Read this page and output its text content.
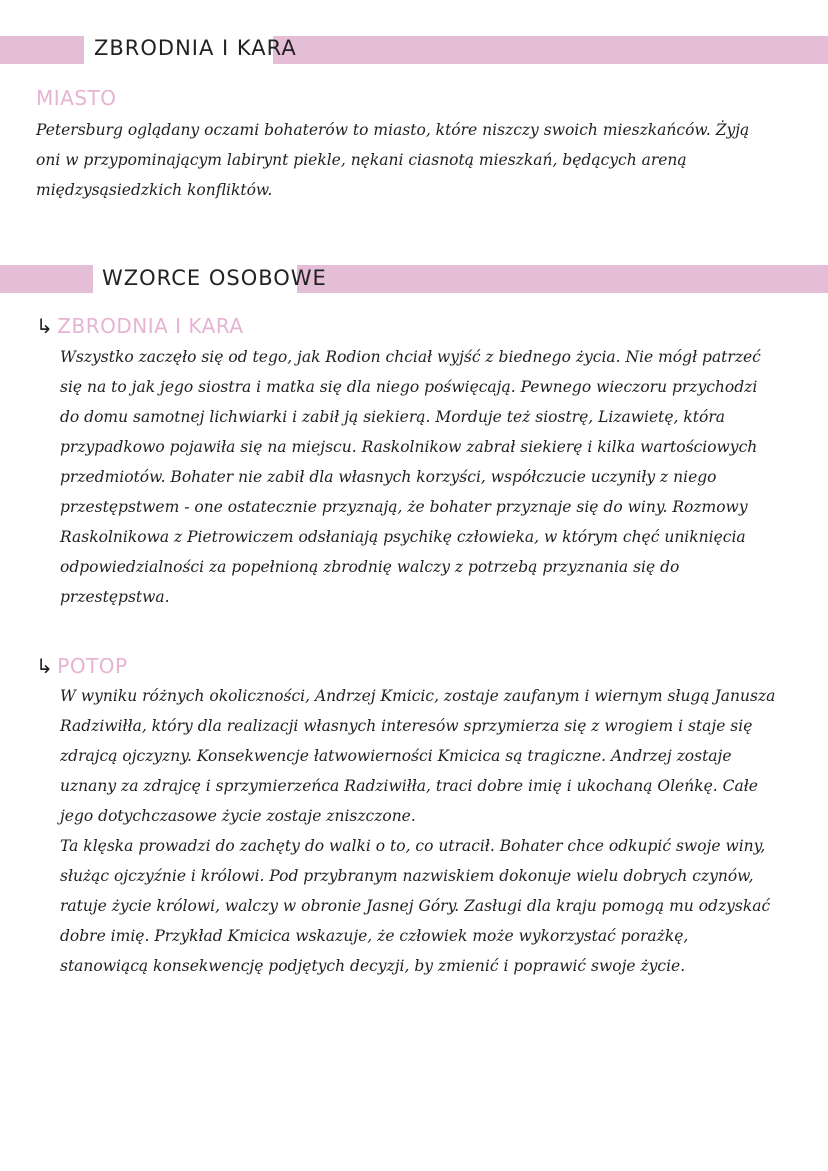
ZBRODNIA I KARA
MIASTO

Petersburg oglądany oczami bohaterów to miasto, które niszczy swoich mieszkańców. Żyją oni w przypominającym labirynt piekle, nękani ciasnotą mieszkań, będących areną międzysąsiedzkich konfliktów.

WZORCE OSOBOWE
↳ ZBRODNIA I KARA

Wszystko zaczęło się od tego, jak Rodion chciał wyjść z biednego życia. Nie mógł patrzeć się na to jak jego siostra i matka się dla niego poświęcają. Pewnego wieczoru przychodzi do domu samotnej lichwiarki i zabił ją siekierą. Morduje też siostrę, Lizawietę, która przypadkowo pojawiła się na miejscu. Raskolnikow zabrał siekierę i kilka wartościowych przedmiotów. Bohater nie zabił dla własnych korzyści, współczucie uczyniły z niego przestępstwem - one ostatecznie przyznają, że bohater przyznaje się do winy. Rozmowy Raskolnikowa z Pietrowiczem odsłaniają psychikę człowieka, w którym chęć uniknięcia odpowiedzialności za popełnioną zbrodnię walczy z potrzebą przyznania się do przestępstwa.

↳ POTOP

W wyniku różnych okoliczności, Andrzej Kmicic, zostaje zaufanym i wiernym sługą Janusza Radziwiłła, który dla realizacji własnych interesów sprzymierza się z wrogiem i staje się zdrajcą ojczyzny. Konsekwencje łatwowierności Kmicica są tragiczne. Andrzej zostaje uznany za zdrajcę i sprzymierzeńca Radziwiłła, traci dobre imię i ukochaną Oleńkę. Całe jego dotychczasowe życie zostaje zniszczone.

Ta klęska prowadzi do zachęty do walki o to, co utracił. Bohater chce odkupić swoje winy, służąc ojczyźnie i królowi. Pod przybranym nazwiskiem dokonuje wielu dobrych czynów, ratuje życie królowi, walczy w obronie Jasnej Góry. Zasługi dla kraju pomogą mu odzyskać dobre imię. Przykład Kmicica wskazuje, że człowiek może wykorzystać porażkę, stanowiącą konsekwencję podjętych decyzji, by zmienić i poprawić swoje życie.
